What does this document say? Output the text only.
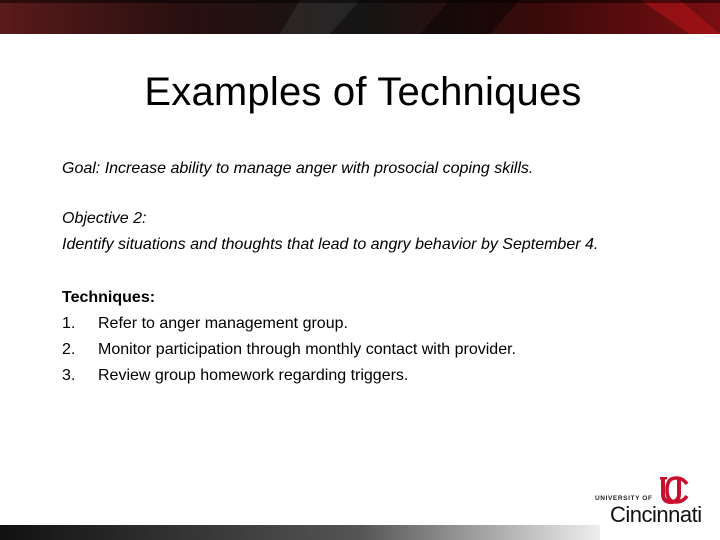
Examples of Techniques
Goal: Increase ability to manage anger with prosocial coping skills.
Objective 2:
Identify situations and thoughts that lead to angry behavior by September 4.
Techniques:
1. Refer to anger management group.
2. Monitor participation through monthly contact with provider.
3. Review group homework regarding triggers.
UNIVERSITY OF
Cincinnati
